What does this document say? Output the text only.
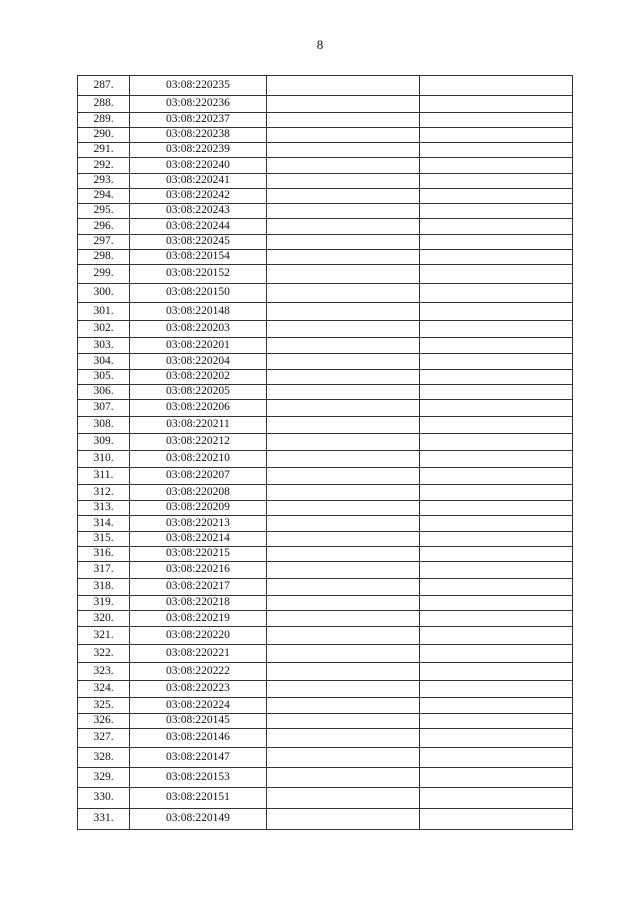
8
287.	03:08:220235		
288.	03:08:220236		
289.	03:08:220237		
290.	03:08:220238		
291.	03:08:220239		
292.	03:08:220240		
293.	03:08:220241		
294.	03:08:220242		
295.	03:08:220243		
296.	03:08:220244		
297.	03:08:220245		
298.	03:08:220154		
299.	03:08:220152		
300.	03:08:220150		
301.	03:08:220148		
302.	03:08:220203		
303.	03:08:220201		
304.	03:08:220204		
305.	03:08:220202		
306.	03:08:220205		
307.	03:08:220206		
308.	03:08:220211		
309.	03:08:220212		
310.	03:08:220210		
311.	03:08:220207		
312.	03:08:220208		
313.	03:08:220209		
314.	03:08:220213		
315.	03:08:220214		
316.	03:08:220215		
317.	03:08:220216		
318.	03:08:220217		
319.	03:08:220218		
320.	03:08:220219		
321.	03:08:220220		
322.	03:08:220221		
323.	03:08:220222		
324.	03:08:220223		
325.	03:08:220224		
326.	03:08:220145		
327.	03:08:220146		
328.	03:08:220147		
329.	03:08:220153		
330.	03:08:220151		
331.	03:08:220149		
